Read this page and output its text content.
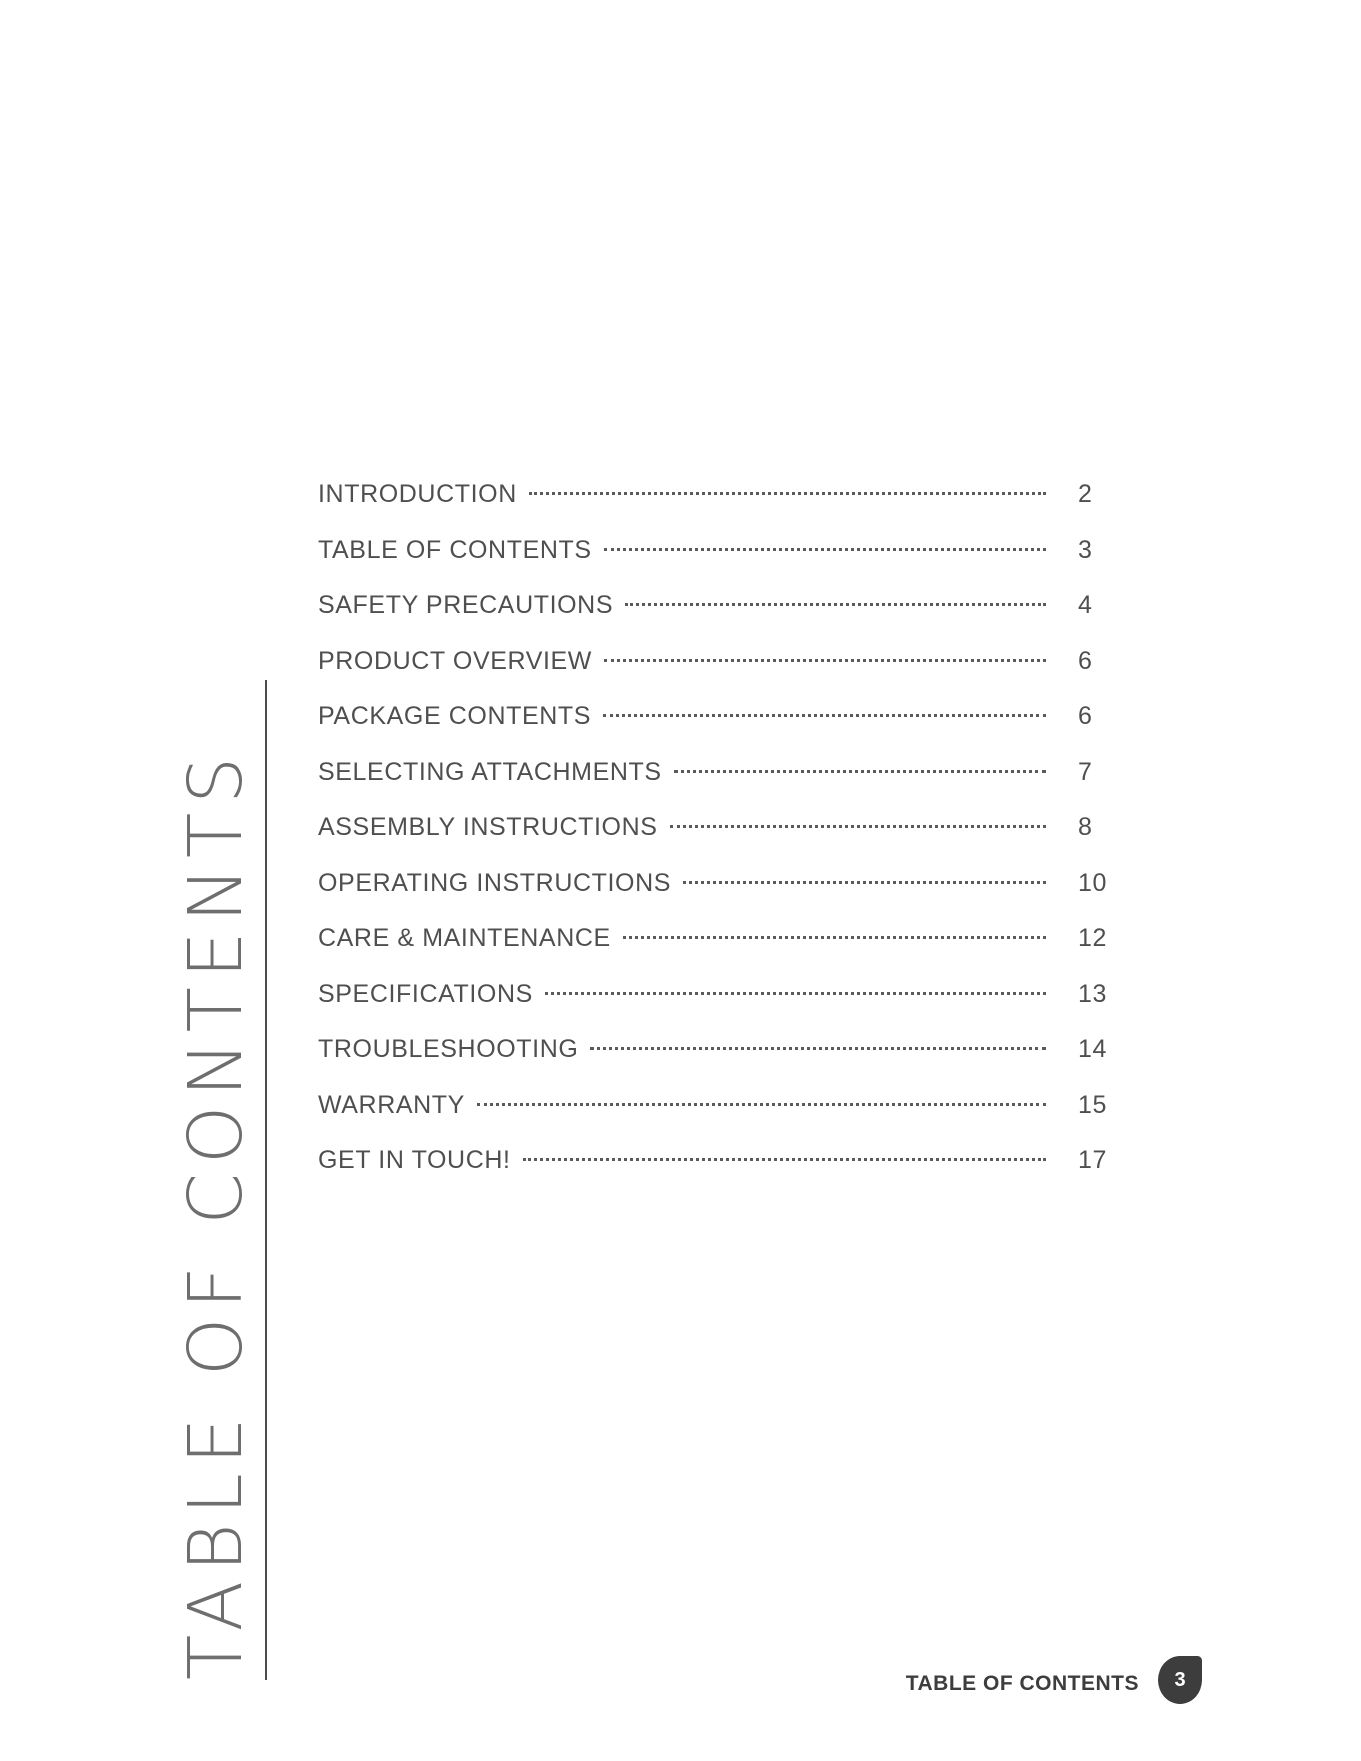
TABLE OF CONTENTS
INTRODUCTION	2
TABLE OF CONTENTS	3
SAFETY PRECAUTIONS	4
PRODUCT OVERVIEW	6
PACKAGE CONTENTS	6
SELECTING ATTACHMENTS	7
ASSEMBLY INSTRUCTIONS	8
OPERATING INSTRUCTIONS	10
CARE & MAINTENANCE	12
SPECIFICATIONS	13
TROUBLESHOOTING	14
WARRANTY	15
GET IN TOUCH!	17
TABLE OF CONTENTS	3
